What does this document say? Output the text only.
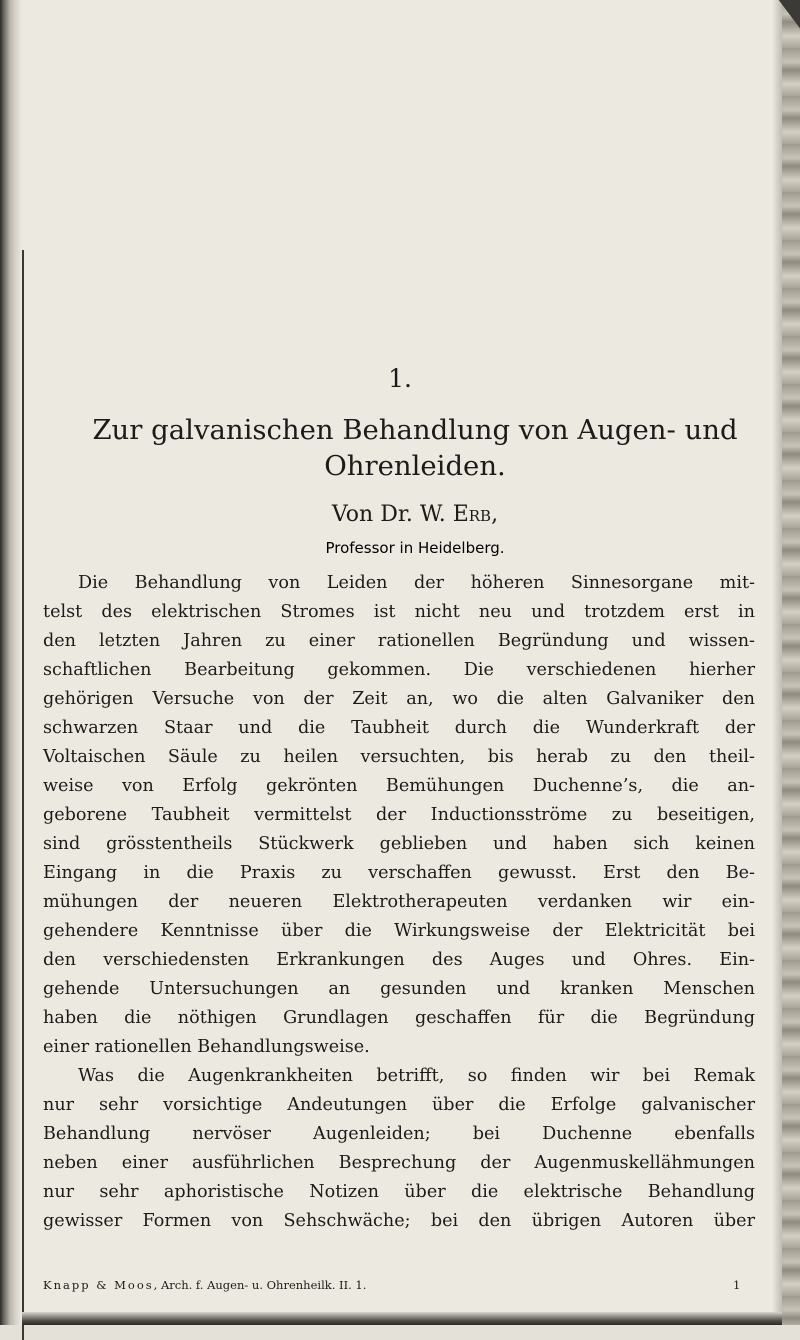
1.
Zur galvanischen Behandlung von Augen- und
Ohrenleiden.
Von Dr. W. Erb,
Professor in Heidelberg.
Die Behandlung von Leiden der höheren Sinnesorgane mit-
telst des elektrischen Stromes ist nicht neu und trotzdem erst in
den letzten Jahren zu einer rationellen Begründung und wissen-
schaftlichen Bearbeitung gekommen. Die verschiedenen hierher
gehörigen Versuche von der Zeit an, wo die alten Galvaniker den
schwarzen Staar und die Taubheit durch die Wunderkraft der
Voltaischen Säule zu heilen versuchten, bis herab zu den theil-
weise von Erfolg gekrönten Bemühungen Duchenne’s, die an-
geborene Taubheit vermittelst der Inductionsströme zu beseitigen,
sind grösstentheils Stückwerk geblieben und haben sich keinen
Eingang in die Praxis zu verschaffen gewusst. Erst den Be-
mühungen der neueren Elektrotherapeuten verdanken wir ein-
gehendere Kenntnisse über die Wirkungsweise der Elektricität bei
den verschiedensten Erkrankungen des Auges und Ohres. Ein-
gehende Untersuchungen an gesunden und kranken Menschen
haben die nöthigen Grundlagen geschaffen für die Begründung
einer rationellen Behandlungsweise.
Was die Augenkrankheiten betrifft, so finden wir bei Remak
nur sehr vorsichtige Andeutungen über die Erfolge galvanischer
Behandlung nervöser Augenleiden; bei Duchenne ebenfalls
neben einer ausführlichen Besprechung der Augenmuskellähmungen
nur sehr aphoristische Notizen über die elektrische Behandlung
gewisser Formen von Sehschwäche; bei den übrigen Autoren über
Knapp & Moos, Arch. f. Augen- u. Ohrenheilk. II. 1.	1
